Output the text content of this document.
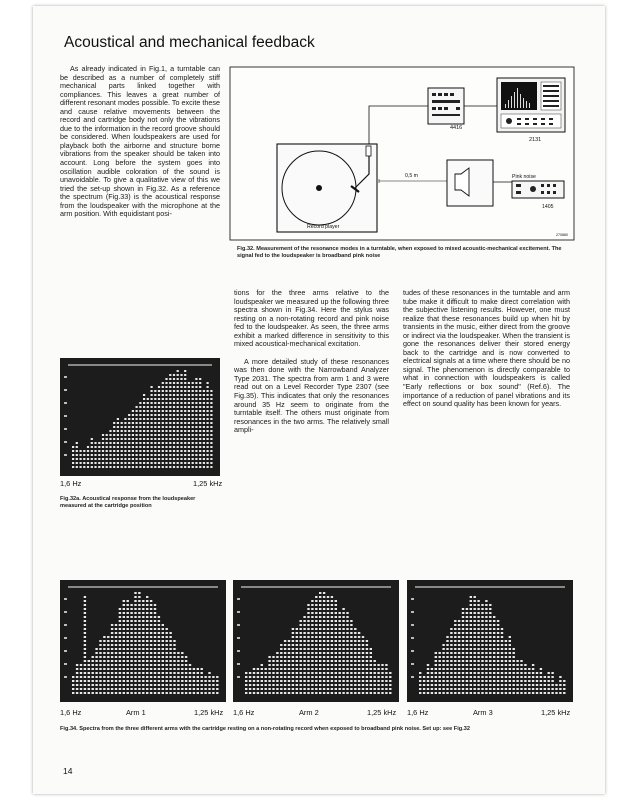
Acoustical and mechanical feedback

As already indicated in Fig.1, a turntable can be described as a number of completely stiff mechanical parts linked together with compliances. This leaves a great number of different resonant modes possible. To excite these and cause relative movements between the record and cartridge body not only the vibrations due to the information in the record groove should be considered. When loudspeakers are used for playback both the airborne and structure borne vibrations from the speaker should be taken into account. Long before the system goes into oscillation audible coloration of the sound is unavoidable. To give a qualitative view of this we tried the set-up shown in Fig.32. As a reference the spectrum (Fig.33) is the acoustical response from the loudspeaker with the microphone at the arm position. With equidistant posi-

2131
4416
Record player
0,5 m	Pink noise
1405
270880
Fig.32. Measurement of the resonance modes in a turntable, when exposed to mixed acoustic-mechanical excitement. The signal fed to the loudspeaker is broadband pink noise

tions for the three arms relative to the loudspeaker we measured up the following three spectra shown in Fig.34. Here the stylus was resting on a non-rotating record and pink noise fed to the loudspeaker. As seen, the three arms exhibit a marked difference in sensitivity to this mixed acoustical-mechanical excitation.

A more detailed study of these resonances was then done with the Narrowband Analyzer Type 2031. The spectra from arm 1 and 3 were read out on a Level Recorder Type 2307 (see Fig.35). This indicates that only the resonances around 35 Hz seem to originate from the turntable itself. The others must originate from resonances in the two arms. The relatively small ampli-

tudes of these resonances in the turntable and arm tube make it difficult to make direct correlation with the subjective listening results. However, one must realize that these resonances build up when hit by transients in the music, either direct from the groove or indirect via the loudspeaker. When the transient is gone the resonances deliver their stored energy back to the cartridge and is now converted to electrical signals at a time where there should be no signal. The phenomenon is directly comparable to what in connection with loudspeakers is called "Early reflections or box sound" (Ref.6). The importance of a reduction of panel vibrations and its effect on sound quality has been known for years.

1,6 Hz	1,25 kHz
Fig.32a. Acoustical response from the loudspeaker measured at the cartridge position
1,6 Hz	Arm 1	1,25 kHz 1,6 Hz	Arm 2	1,25 kHz 1,6 Hz	Arm 3	1,25 kHz
Fig.34. Spectra from the three different arms with the cartridge resting on a non-rotating record when exposed to broadband pink noise. Set up: see Fig.32
14
